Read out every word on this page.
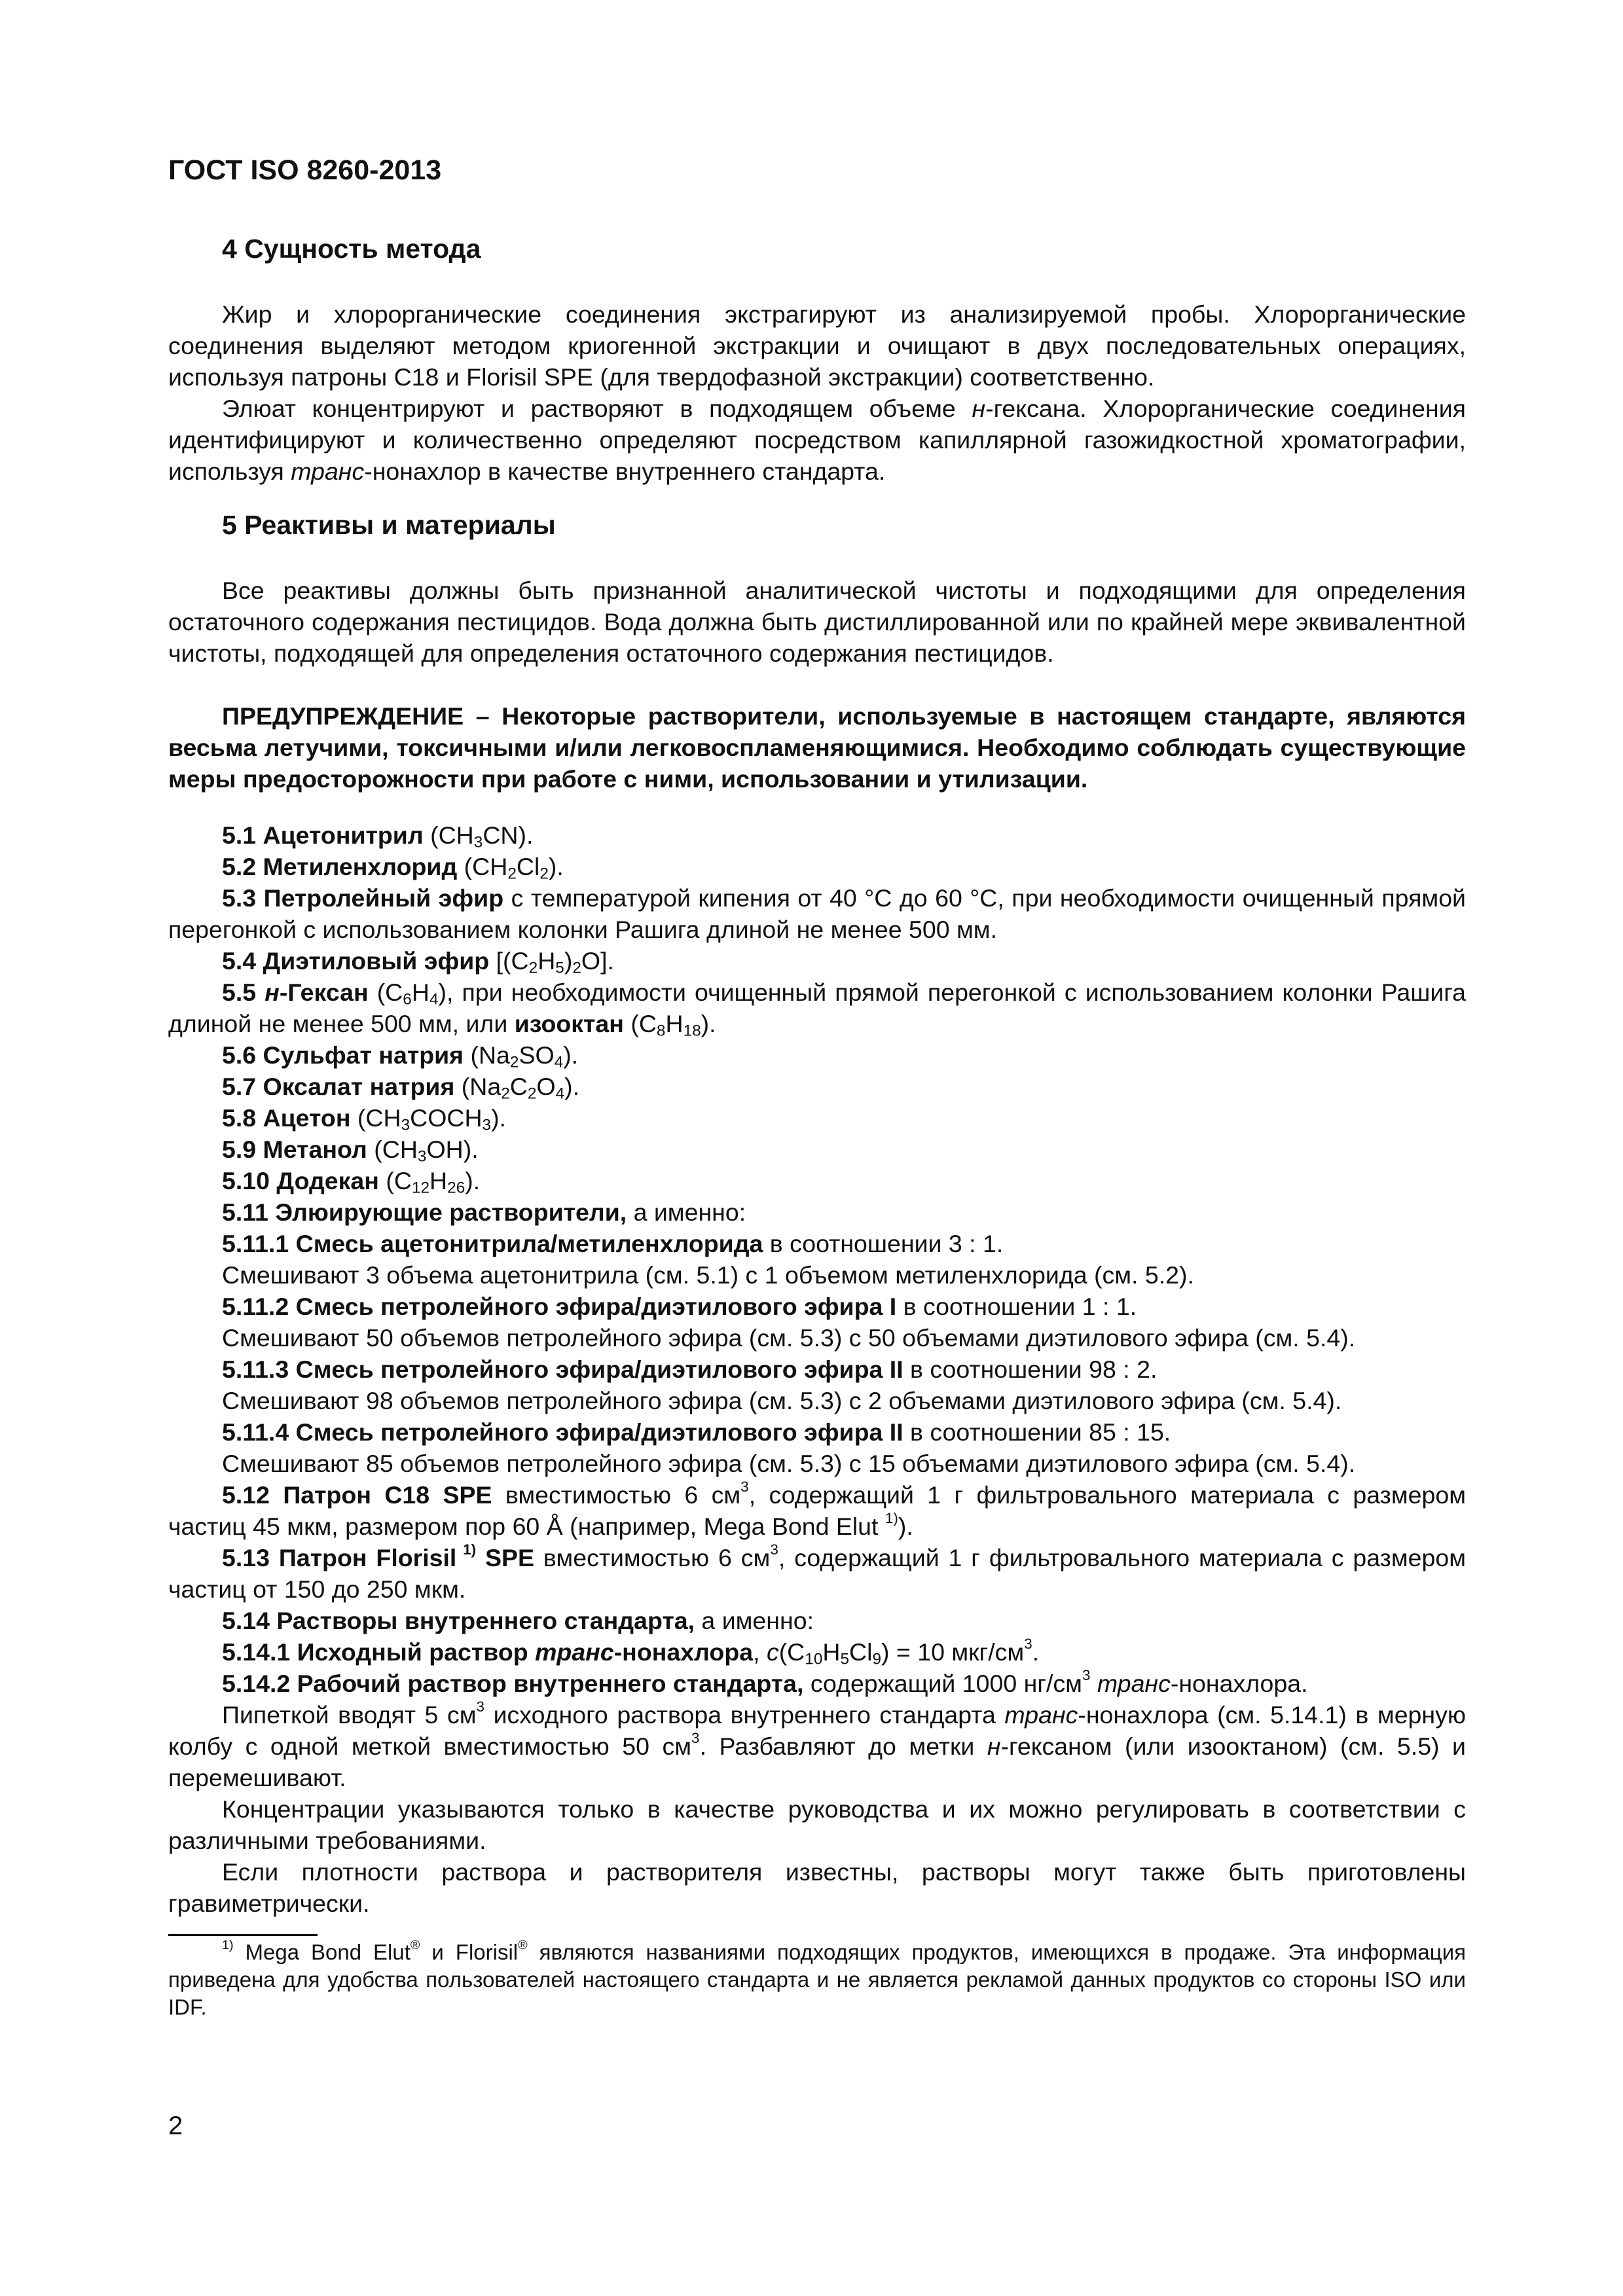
ГОСТ ISO 8260-2013

4 Сущность метода

Жир и хлорорганические соединения экстрагируют из анализируемой пробы. Хлорорганические соединения выделяют методом криогенной экстракции и очищают в двух последовательных операциях, используя патроны С18 и Florisil SPE (для твердофазной экстракции) соответственно.

Элюат концентрируют и растворяют в подходящем объеме н-гексана. Хлорорганические соединения идентифицируют и количественно определяют посредством капиллярной газожидкостной хроматографии, используя транс-нонахлор в качестве внутреннего стандарта.

5 Реактивы и материалы

Все реактивы должны быть признанной аналитической чистоты и подходящими для определения остаточного содержания пестицидов. Вода должна быть дистиллированной или по крайней мере эквивалентной чистоты, подходящей для определения остаточного содержания пестицидов.

ПРЕДУПРЕЖДЕНИЕ – Некоторые растворители, используемые в настоящем стандарте, являются весьма летучими, токсичными и/или легковоспламеняющимися. Необходимо соблюдать существующие меры предосторожности при работе с ними, использовании и утилизации.

5.1 Ацетонитрил $(CH_3CN)$.

5.2 Метиленхлорид $(CH_2Cl_2)$.

5.3 Петролейный эфир с температурой кипения от 40 °С до 60 °С, при необходимости очищенный прямой перегонкой с использованием колонки Рашига длиной не менее 500 мм.

5.4 Диэтиловый эфир $[(C_2H_5)_2O]$.

5.5 н-Гексан $(C_6H_4)$, при необходимости очищенный прямой перегонкой с использованием колонки Рашига длиной не менее 500 мм, или изооктан $(C_8H_{18})$.

5.6 Сульфат натрия $(Na_2SO_4)$.

5.7 Оксалат натрия $(Na_2C_2O_4)$.

5.8 Ацетон $(CH_3COCH_3)$.

5.9 Метанол $(CH_3OH)$.

5.10 Додекан $(C_{12}H_{26})$.

5.11 Элюирующие растворители, а именно:

5.11.1 Смесь ацетонитрила/метиленхлорида в соотношении 3 : 1.

Смешивают 3 объема ацетонитрила (см. 5.1) с 1 объемом метиленхлорида (см. 5.2).

5.11.2 Смесь петролейного эфира/диэтилового эфира I в соотношении 1 : 1.

Смешивают 50 объемов петролейного эфира (см. 5.3) с 50 объемами диэтилового эфира (см. 5.4).

5.11.3 Смесь петролейного эфира/диэтилового эфира II в соотношении 98 : 2.

Смешивают 98 объемов петролейного эфира (см. 5.3) с 2 объемами диэтилового эфира (см. 5.4).

5.11.4 Смесь петролейного эфира/диэтилового эфира II в соотношении 85 : 15.

Смешивают 85 объемов петролейного эфира (см. 5.3) с 15 объемами диэтилового эфира (см. 5.4).

5.12 Патрон С18 SPE вместимостью 6 $см^3$, содержащий 1 г фильтровального материала с размером частиц 45 мкм, размером пор 60 Å (например, Mega Bond Elut $^{1)}$).

5.13 Патрон Florisil $^{1)}$ SPE вместимостью 6 $см^3$, содержащий 1 г фильтровального материала с размером частиц от 150 до 250 мкм.

5.14 Растворы внутреннего стандарта, а именно:

5.14.1 Исходный раствор транс-нонахлора, $c(C_{10}H_5Cl_9) = 10$ мкг/$см^3$.

5.14.2 Рабочий раствор внутреннего стандарта, содержащий 1000 $нг/см^3$ транс-нонахлора.

Пипеткой вводят 5 $см^3$ исходного раствора внутреннего стандарта транс-нонахлора (см. 5.14.1) в мерную колбу с одной меткой вместимостью 50 $см^3$. Разбавляют до метки н-гексаном (или изооктаном) (см. 5.5) и перемешивают.

Концентрации указываются только в качестве руководства и их можно регулировать в соответствии с различными требованиями.

Если плотности раствора и растворителя известны, растворы могут также быть приготовлены гравиметрически.

$^{1)}$ Mega Bond Elut® и Florisil® являются названиями подходящих продуктов, имеющихся в продаже. Эта информация приведена для удобства пользователей настоящего стандарта и не является рекламой данных продуктов со стороны ISO или IDF.
2
